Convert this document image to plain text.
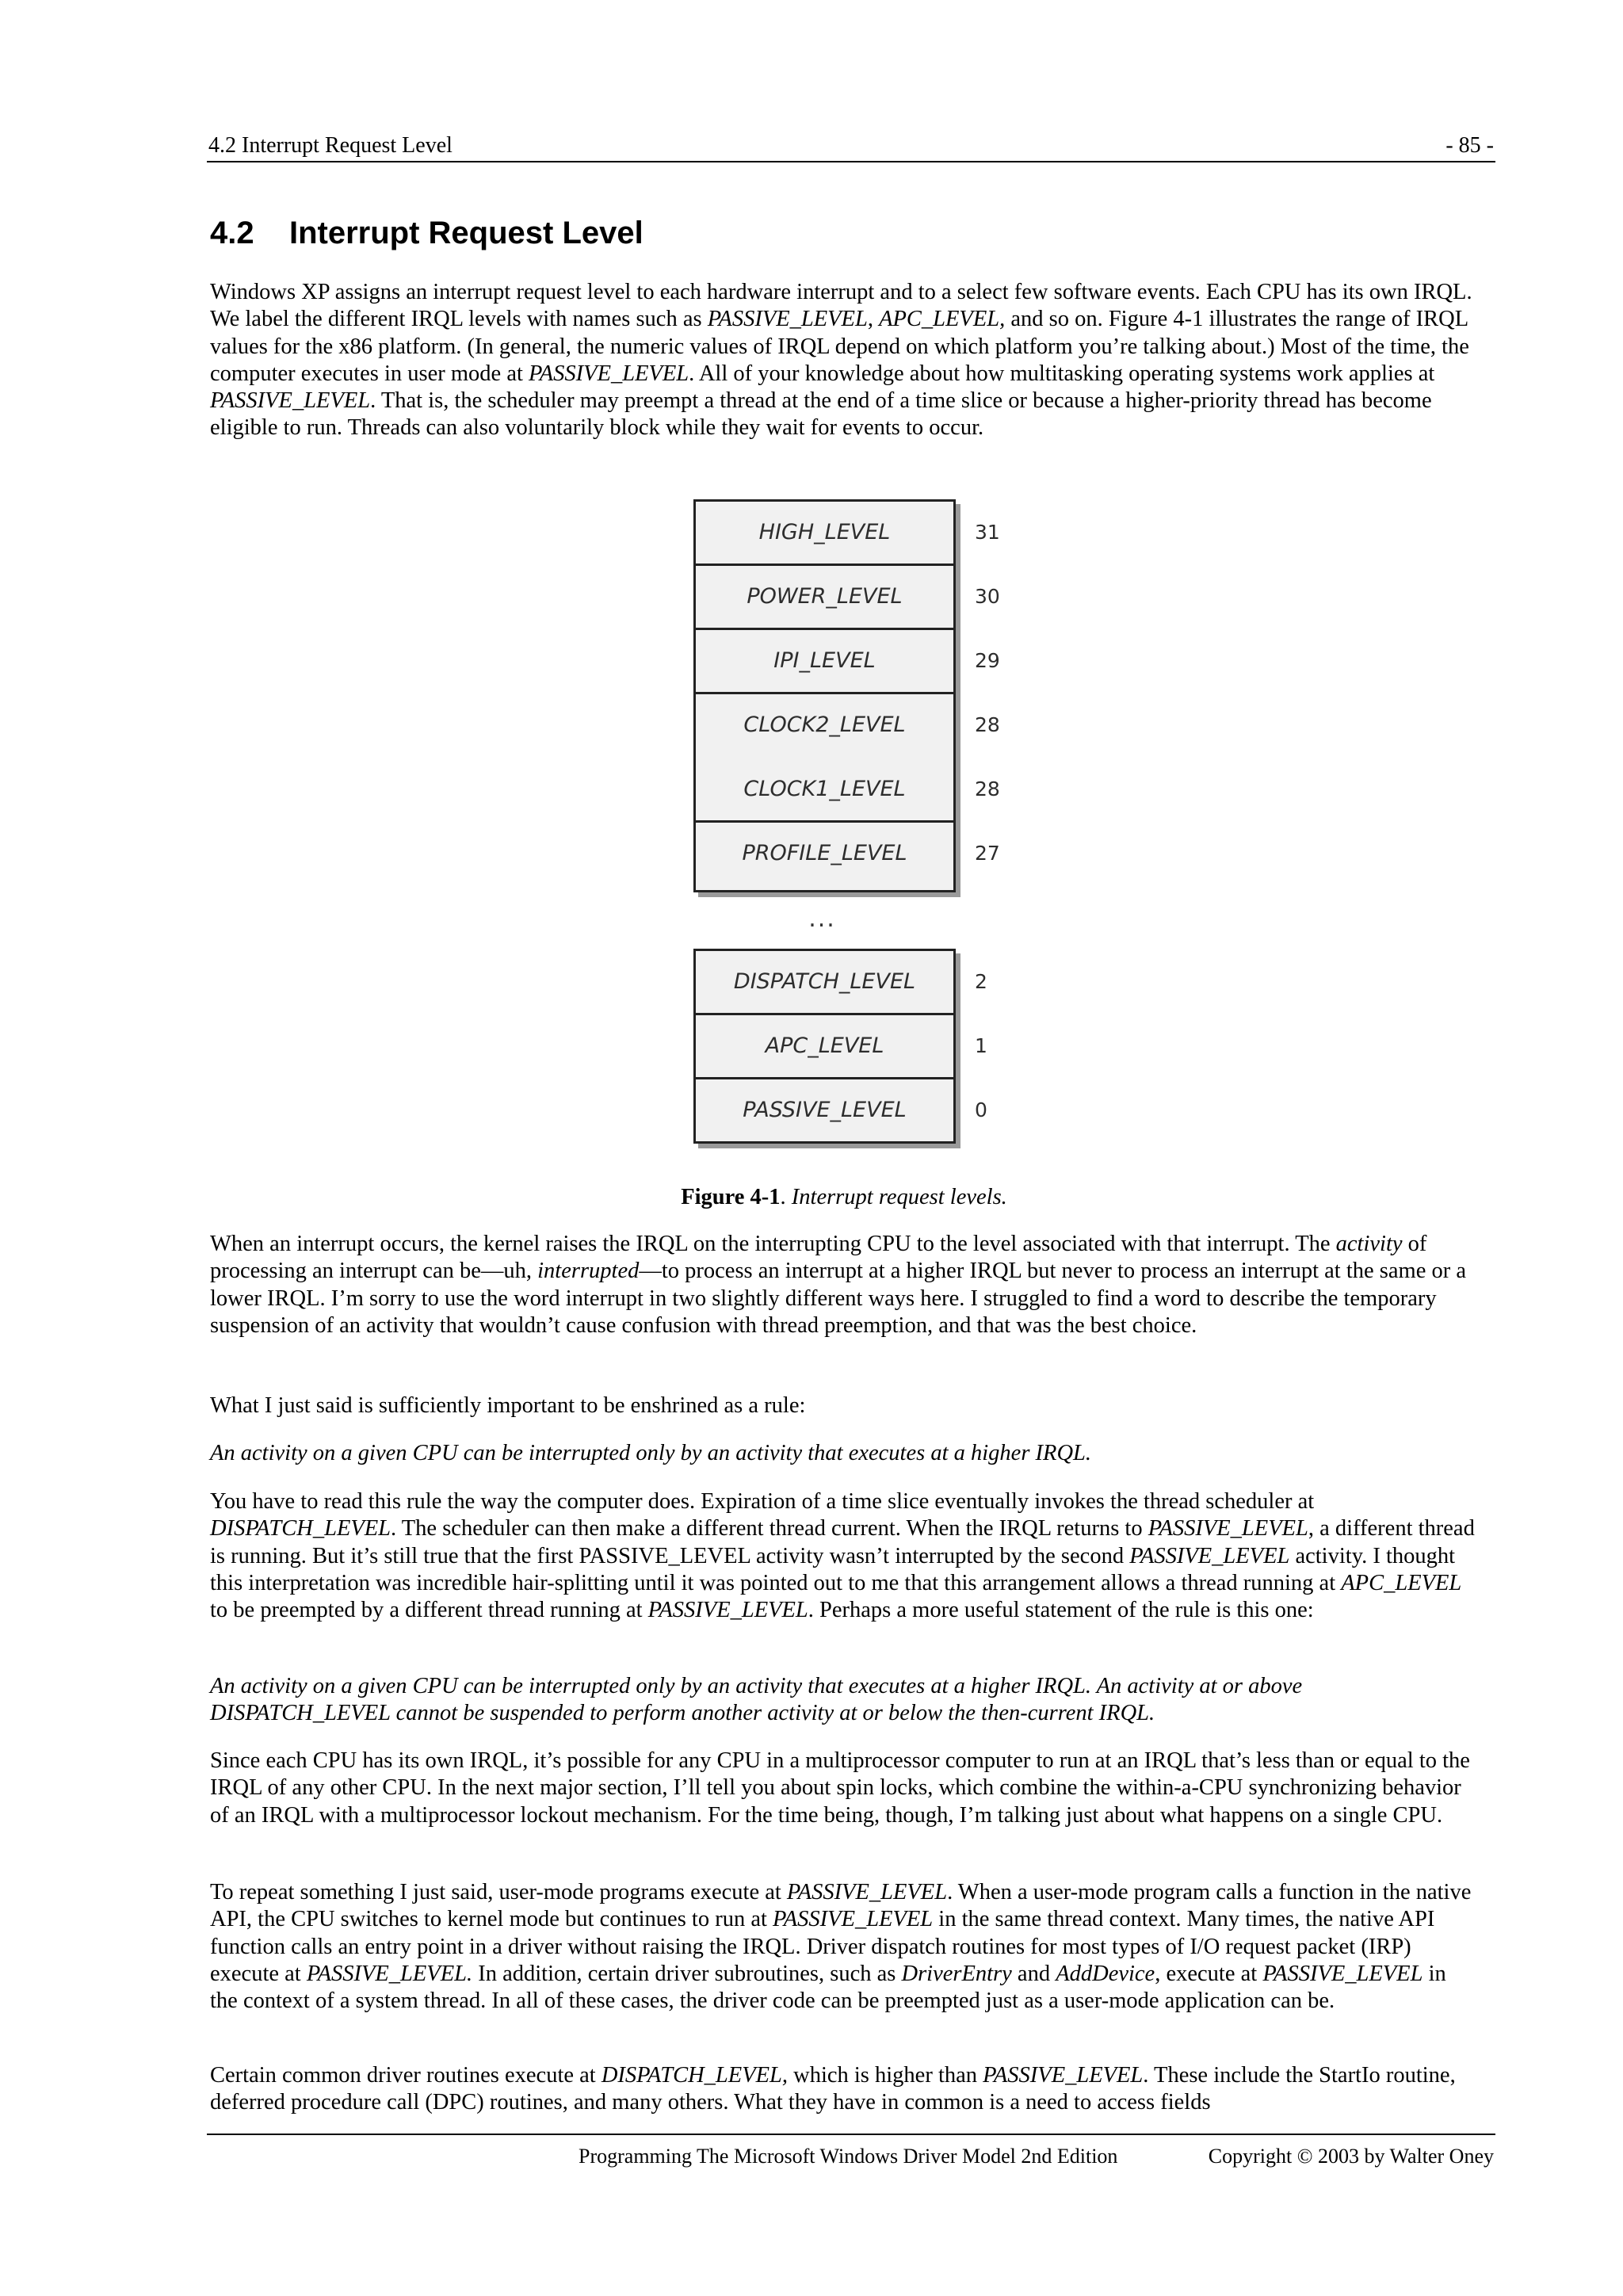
4.2 Interrupt Request Level	- 85 -
4.2 Interrupt Request Level

Windows XP assigns an interrupt request level to each hardware interrupt and to a select few software events. Each CPU has its own IRQL. We label the different IRQL levels with names such as PASSIVE_LEVEL, APC_LEVEL, and so on. Figure 4-1 illustrates the range of IRQL values for the x86 platform. (In general, the numeric values of IRQL depend on which platform you’re talking about.) Most of the time, the computer executes in user mode at PASSIVE_LEVEL. All of your knowledge about how multitasking operating systems work applies at PASSIVE_LEVEL. That is, the scheduler may preempt a thread at the end of a time slice or because a higher-priority thread has become eligible to run. Threads can also voluntarily block while they wait for events to occur.

HIGH_LEVEL
POWER_LEVEL
IPI_LEVEL
CLOCK2_LEVEL
CLOCK1_LEVEL
PROFILE_LEVEL
31
30
29
28
28
27
...
DISPATCH_LEVEL
APC_LEVEL
PASSIVE_LEVEL
2
1
0
Figure 4-1. Interrupt request levels.

When an interrupt occurs, the kernel raises the IRQL on the interrupting CPU to the level associated with that interrupt. The activity of processing an interrupt can be—uh, interrupted—to process an interrupt at a higher IRQL but never to process an interrupt at the same or a lower IRQL. I’m sorry to use the word interrupt in two slightly different ways here. I struggled to find a word to describe the temporary suspension of an activity that wouldn’t cause confusion with thread preemption, and that was the best choice.

What I just said is sufficiently important to be enshrined as a rule:

An activity on a given CPU can be interrupted only by an activity that executes at a higher IRQL.

You have to read this rule the way the computer does. Expiration of a time slice eventually invokes the thread scheduler at DISPATCH_LEVEL. The scheduler can then make a different thread current. When the IRQL returns to PASSIVE_LEVEL, a different thread is running. But it’s still true that the first PASSIVE_LEVEL activity wasn’t interrupted by the second PASSIVE_LEVEL activity. I thought this interpretation was incredible hair-splitting until it was pointed out to me that this arrangement allows a thread running at APC_LEVEL to be preempted by a different thread running at PASSIVE_LEVEL. Perhaps a more useful statement of the rule is this one:

An activity on a given CPU can be interrupted only by an activity that executes at a higher IRQL. An activity at or above DISPATCH_LEVEL cannot be suspended to perform another activity at or below the then-current IRQL.

Since each CPU has its own IRQL, it’s possible for any CPU in a multiprocessor computer to run at an IRQL that’s less than or equal to the IRQL of any other CPU. In the next major section, I’ll tell you about spin locks, which combine the within-a-CPU synchronizing behavior of an IRQL with a multiprocessor lockout mechanism. For the time being, though, I’m talking just about what happens on a single CPU.

To repeat something I just said, user-mode programs execute at PASSIVE_LEVEL. When a user-mode program calls a function in the native API, the CPU switches to kernel mode but continues to run at PASSIVE_LEVEL in the same thread context. Many times, the native API function calls an entry point in a driver without raising the IRQL. Driver dispatch routines for most types of I/O request packet (IRP) execute at PASSIVE_LEVEL. In addition, certain driver subroutines, such as DriverEntry and AddDevice, execute at PASSIVE_LEVEL in the context of a system thread. In all of these cases, the driver code can be preempted just as a user-mode application can be.

Certain common driver routines execute at DISPATCH_LEVEL, which is higher than PASSIVE_LEVEL. These include the StartIo routine, deferred procedure call (DPC) routines, and many others. What they have in common is a need to access fields

Programming The Microsoft Windows Driver Model 2nd Edition	Copyright © 2003 by Walter Oney
